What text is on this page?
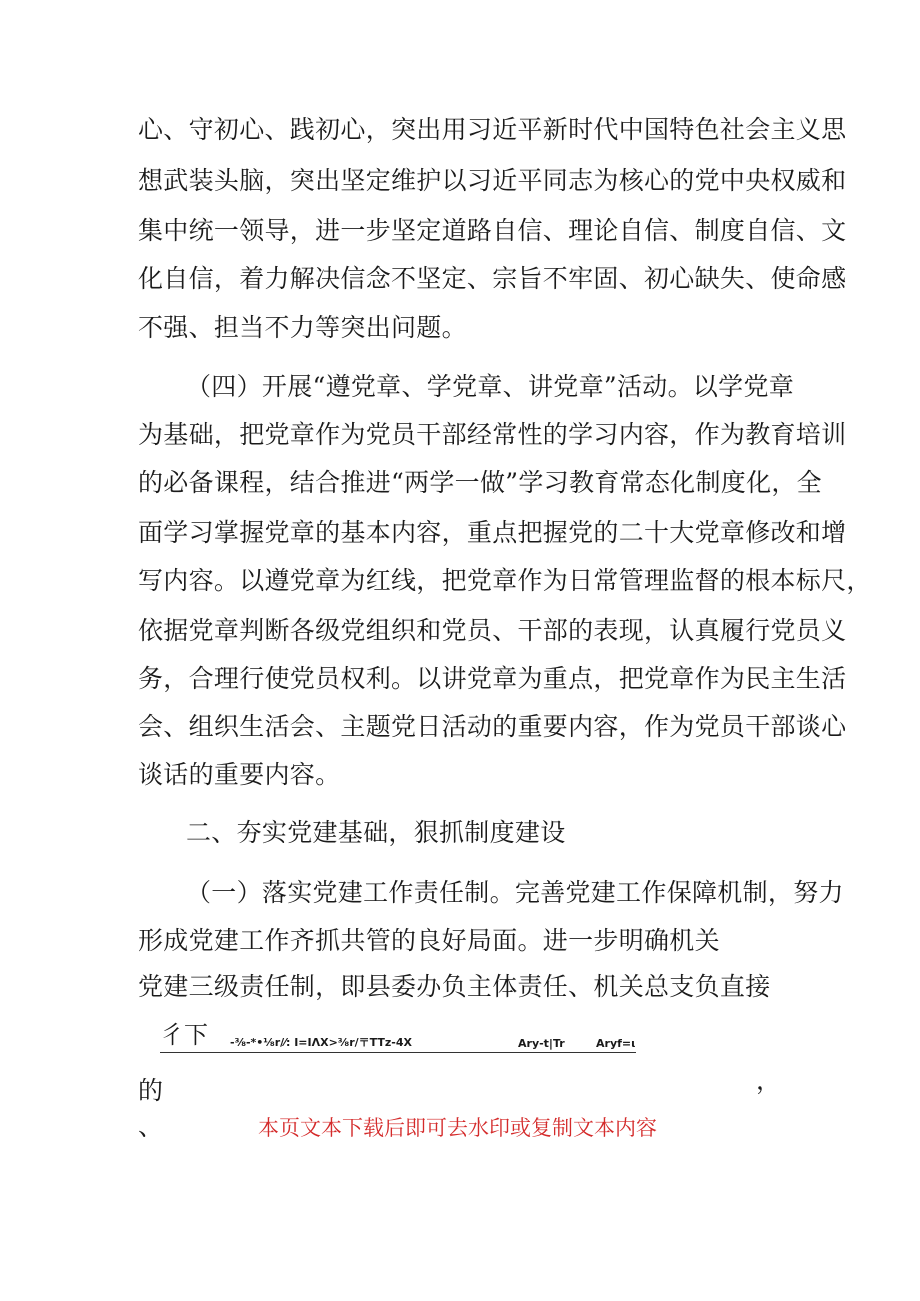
心、守初心、践初心，突出用习近平新时代中国特色社会主义思
想武装头脑，突出坚定维护以习近平同志为核心的党中央权威和
集中统一领导，进一步坚定道路自信、理论自信、制度自信、文
化自信，着力解决信念不坚定、宗旨不牢固、初心缺失、使命感
不强、担当不力等突出问题。
（四）开展“遵党章、学党章、讲党章”活动。以学党章
为基础，把党章作为党员干部经常性的学习内容，作为教育培训
的必备课程，结合推进“两学一做”学习教育常态化制度化，全
面学习掌握党章的基本内容，重点把握党的二十大党章修改和增
写内容。以遵党章为红线，把党章作为日常管理监督的根本标尺，
依据党章判断各级党组织和党员、干部的表现，认真履行党员义
务，合理行使党员权利。以讲党章为重点，把党章作为民主生活
会、组织生活会、主题党日活动的重要内容，作为党员干部谈心
谈话的重要内容。
二、夯实党建基础，狠抓制度建设
（一）落实党建工作责任制。完善党建工作保障机制，努力
形成党建工作齐抓共管的良好局面。进一步明确机关
党建三级责任制，即县委办负主体责任、机关总支负直接
彳下 -⅜-*•⅛r/⁄: I=IΛX>⅜r/〒TTz-4X	Ary-t|Tr	Aryf=ι
的	，
、	本页文本下载后即可去水印或复制文本内容
